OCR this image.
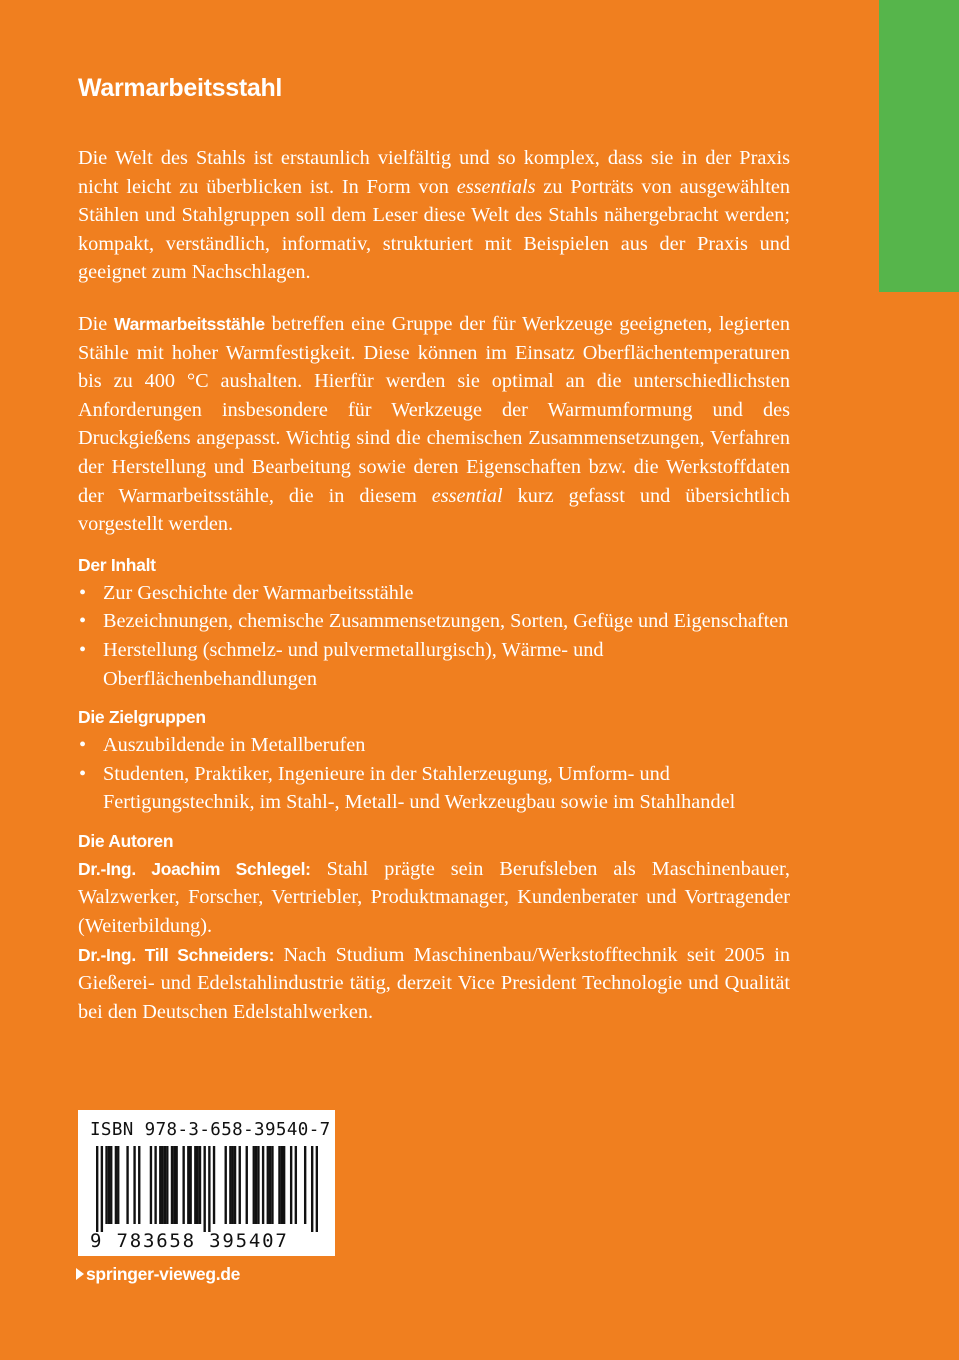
Warmarbeitsstahl

Die Welt des Stahls ist erstaunlich vielfältig und so komplex, dass sie in der Praxis nicht leicht zu überblicken ist. In Form von essentials zu Porträts von ausgewählten Stählen und Stahlgruppen soll dem Leser diese Welt des Stahls nähergebracht werden; kompakt, verständlich, informativ, strukturiert mit Beispielen aus der Praxis und geeignet zum Nachschlagen.

Die Warmarbeitsstähle betreffen eine Gruppe der für Werkzeuge geeigneten, legierten Stähle mit hoher Warmfestigkeit. Diese können im Einsatz Oberflächentemperaturen bis zu 400 °C aushalten. Hierfür werden sie optimal an die unterschiedlichsten Anforderungen insbesondere für Werkzeuge der Warmumformung und des Druckgießens angepasst. Wichtig sind die chemischen Zusammensetzungen, Verfahren der Herstellung und Bearbeitung sowie deren Eigenschaften bzw. die Werkstoffdaten der Warmarbeitsstähle, die in diesem essential kurz gefasst und übersichtlich vorgestellt werden.

Der Inhalt
• Zur Geschichte der Warmarbeitsstähle
• Bezeichnungen, chemische Zusammensetzungen, Sorten, Gefüge und Eigenschaften
• Herstellung (schmelz- und pulvermetallurgisch), Wärme- und Oberflächenbehandlungen
Die Zielgruppen
• Auszubildende in Metallberufen
• Studenten, Praktiker, Ingenieure in der Stahlerzeugung, Umform- und Fertigungstechnik, im Stahl-, Metall- und Werkzeugbau sowie im Stahlhandel
Die Autoren

Dr.-Ing. Joachim Schlegel: Stahl prägte sein Berufsleben als Maschinenbauer, Walzwerker, Forscher, Vertriebler, Produktmanager, Kundenberater und Vortragender (Weiterbildung).

Dr.-Ing. Till Schneiders: Nach Studium Maschinenbau/Werkstofftechnik seit 2005 in Gießerei- und Edelstahlindustrie tätig, derzeit Vice President Technologie und Qualität bei den Deutschen Edelstahlwerken.

ISBN 978-3-658-39540-7
9 783658 395407
springer-vieweg.de
